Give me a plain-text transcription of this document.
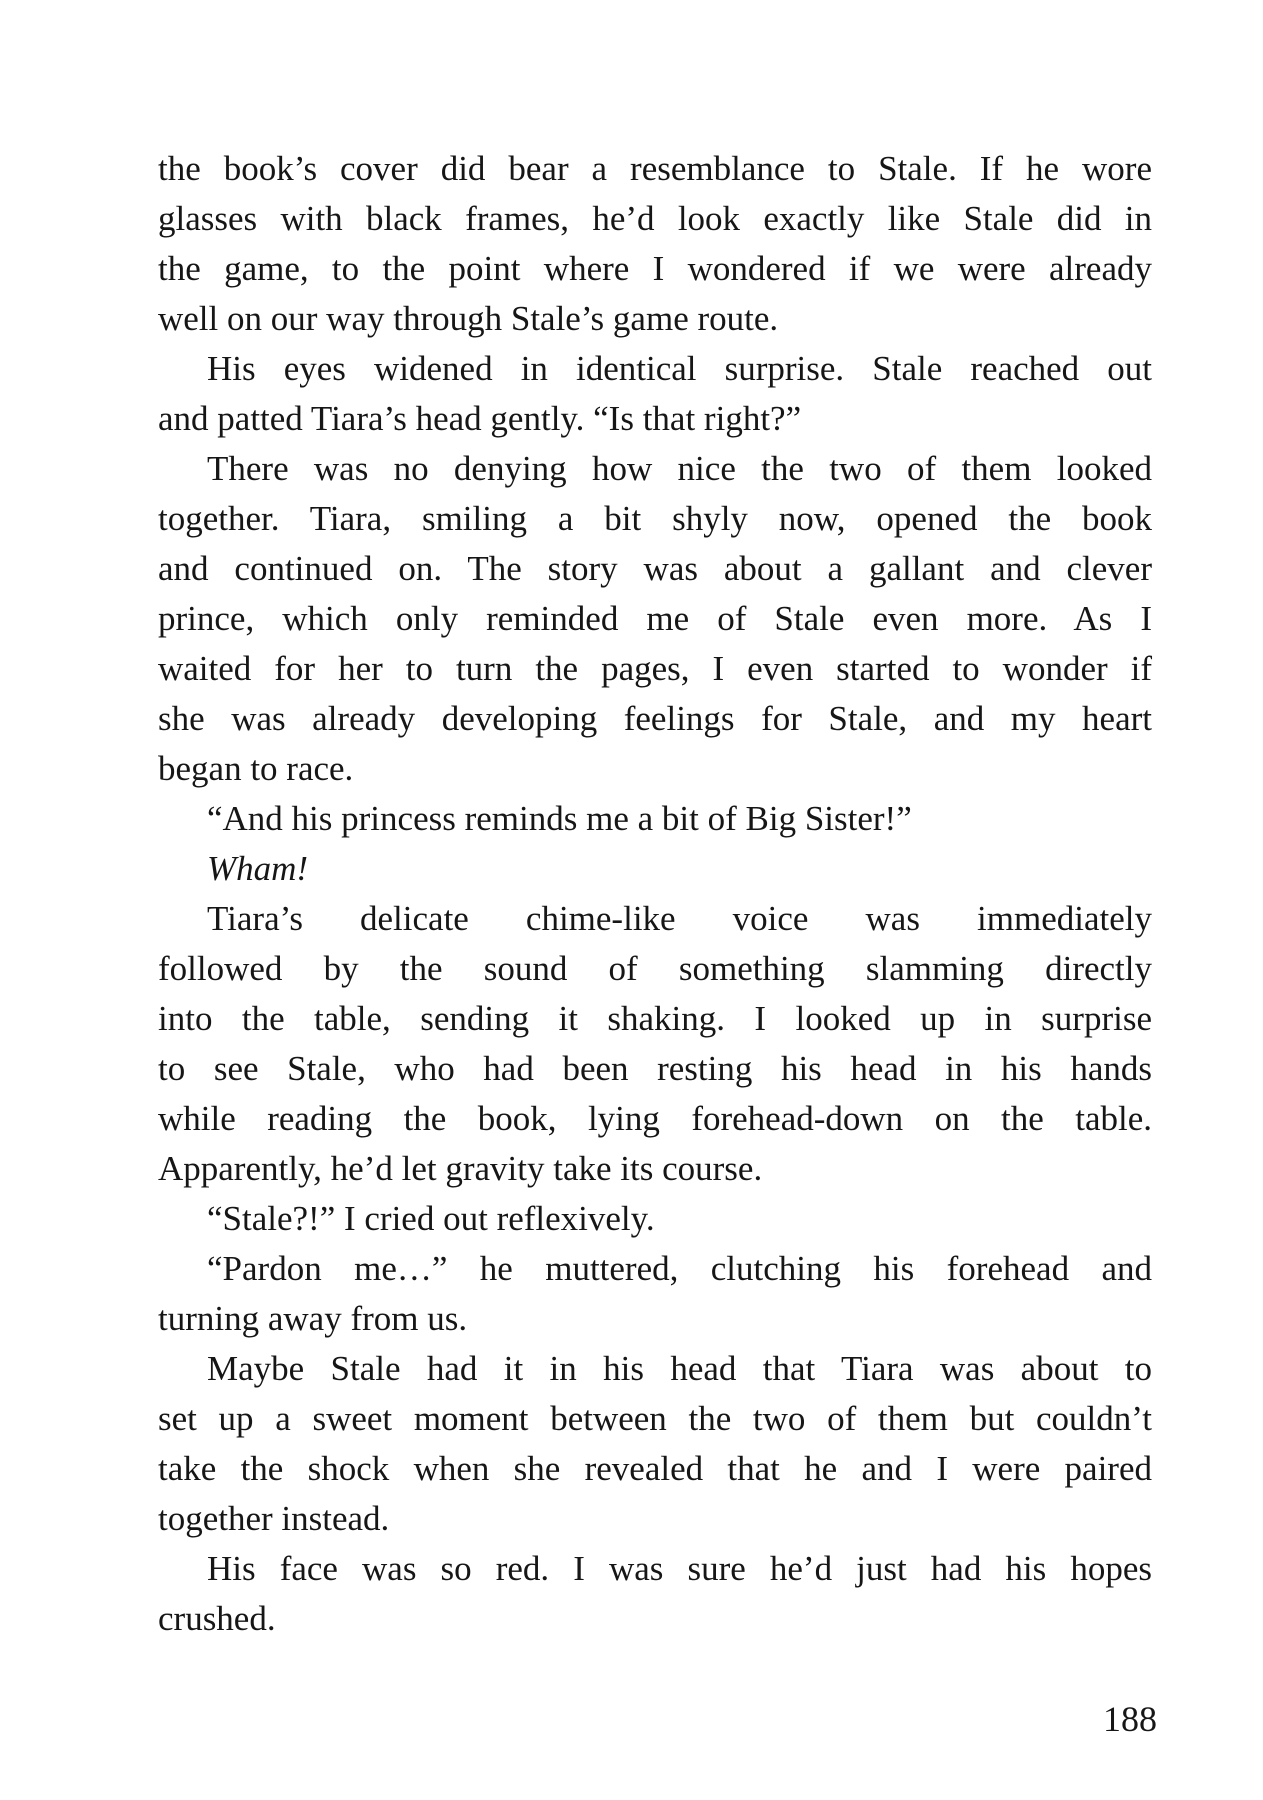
the book’s cover did bear a resemblance to Stale. If he wore
glasses with black frames, he’d look exactly like Stale did in
the game, to the point where I wondered if we were already
well on our way through Stale’s game route.

His eyes widened in identical surprise. Stale reached out
and patted Tiara’s head gently. “Is that right?”

There was no denying how nice the two of them looked
together. Tiara, smiling a bit shyly now, opened the book
and continued on. The story was about a gallant and clever
prince, which only reminded me of Stale even more. As I
waited for her to turn the pages, I even started to wonder if
she was already developing feelings for Stale, and my heart
began to race.

“And his princess reminds me a bit of Big Sister!”

Wham!

Tiara’s delicate chime-like voice was immediately
followed by the sound of something slamming directly
into the table, sending it shaking. I looked up in surprise
to see Stale, who had been resting his head in his hands
while reading the book, lying forehead-down on the table.
Apparently, he’d let gravity take its course.

“Stale?!” I cried out reflexively.

“Pardon me…” he muttered, clutching his forehead and
turning away from us.

Maybe Stale had it in his head that Tiara was about to
set up a sweet moment between the two of them but couldn’t
take the shock when she revealed that he and I were paired
together instead.

His face was so red. I was sure he’d just had his hopes
crushed.

188
